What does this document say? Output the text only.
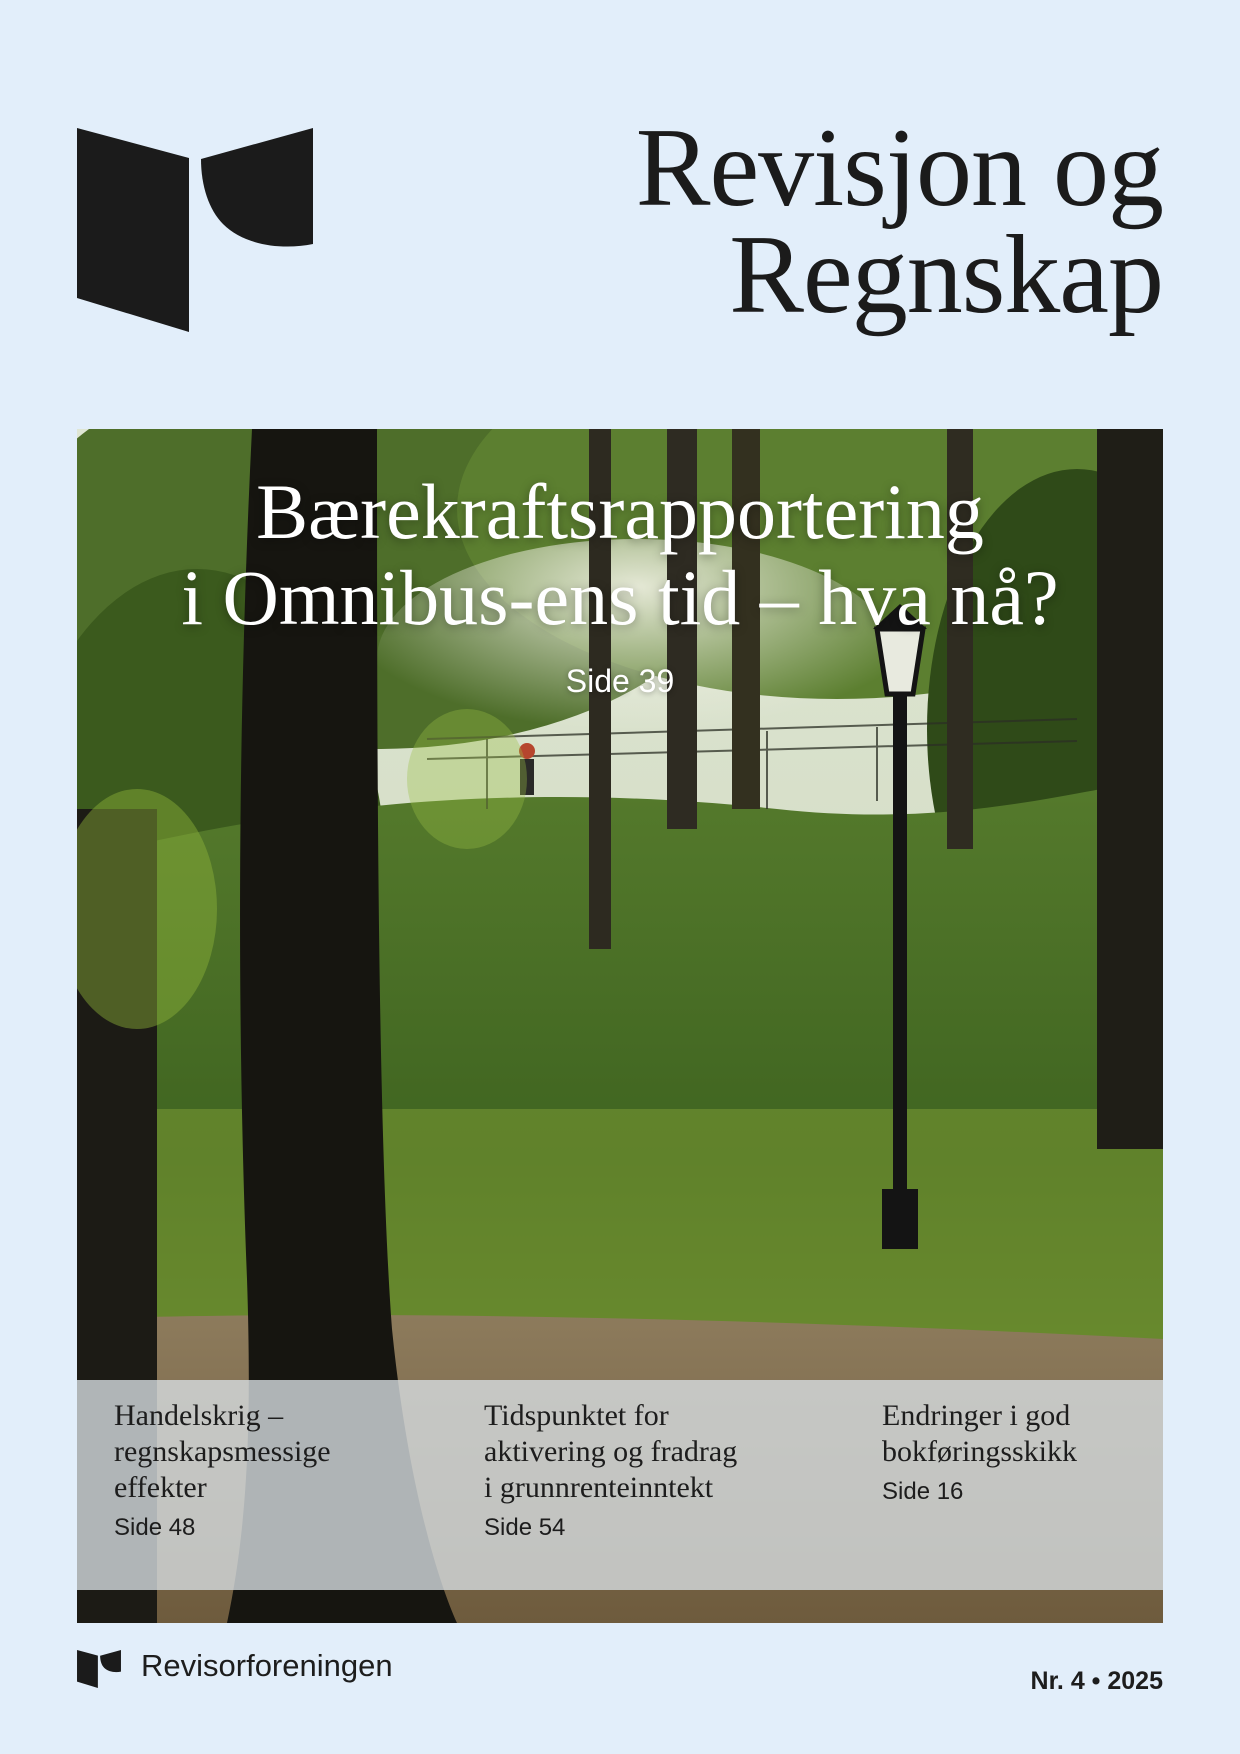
Revisjon og
Regnskap
Bærekraftsrapportering
i Omnibus-ens tid – hva nå?
Side 39
Handelskrig –
regnskapsmessige
effekter
Side 48
Tidspunktet for
aktivering og fradrag
i grunnrenteinntekt
Side 54
Endringer i god
bokføringsskikk
Side 16
Revisorforeningen	Nr. 4 • 2025
